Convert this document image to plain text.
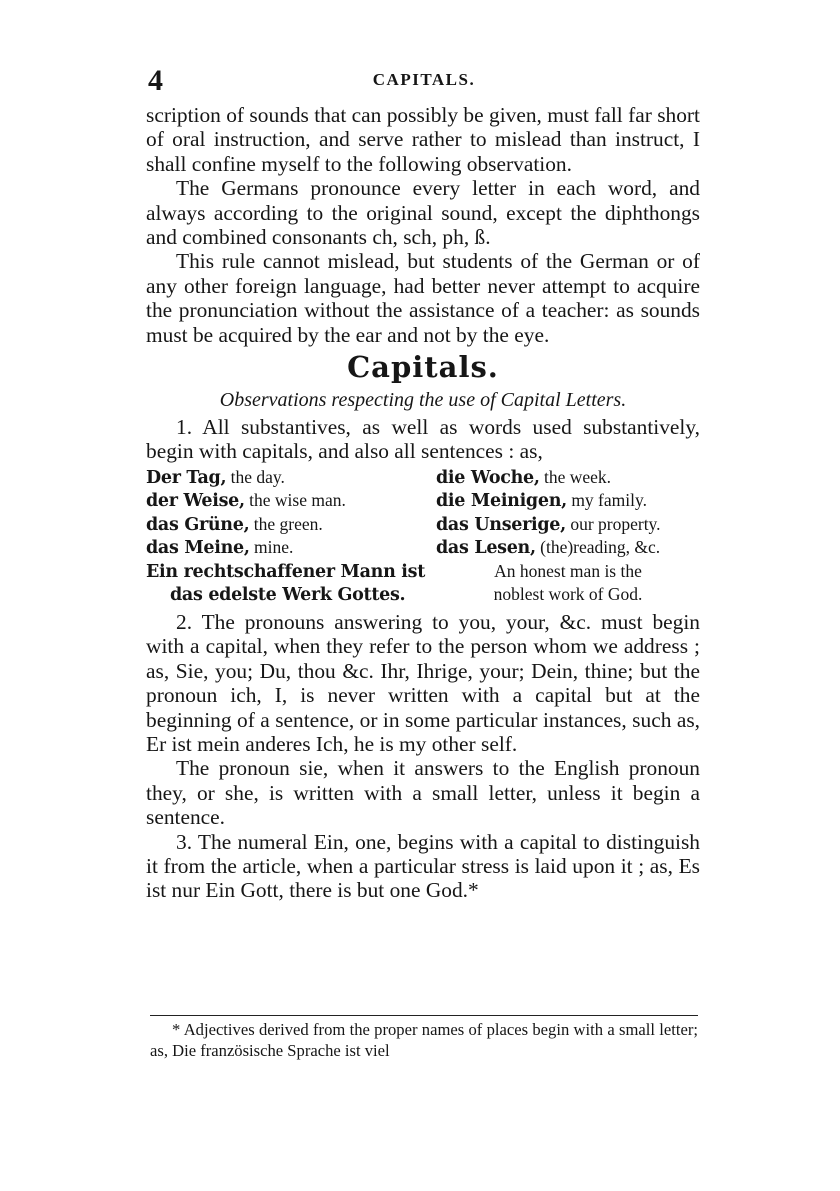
4	CAPITALS.

scription of sounds that can possibly be given, must fall far short of oral instruction, and serve rather to mislead than instruct, I shall confine myself to the following observation.

The Germans pronounce every letter in each word, and always according to the original sound, except the diphthongs and combined consonants ch, sch, ph, ß.

This rule cannot mislead, but students of the German or of any other foreign language, had better never attempt to acquire the pronunciation without the assistance of a teacher: as sounds must be acquired by the ear and not by the eye.

Capitals.
Observations respecting the use of Capital Letters.

1. All substantives, as well as words used substantively, begin with capitals, and also all sentences : as,

Der Tag, the day.	die Woche, the week.
der Weise, the wise man.	die Meinigen, my family.
das Grüne, the green.	das Unserige, our property.
das Meine, mine.	das Lesen, (the)reading, &c.
Ein rechtschaffener Mann ist	An honest man is the
das edelste Werk Gottes.	noblest work of God.

2. The pronouns answering to you, your, &c. must begin with a capital, when they refer to the person whom we address ; as, Sie, you; Du, thou &c. Ihr, Ihrige, your; Dein, thine; but the pronoun ich, I, is never written with a capital but at the beginning of a sentence, or in some particular instances, such as, Er ist mein anderes Ich, he is my other self.

The pronoun sie, when it answers to the English pronoun they, or she, is written with a small letter, unless it begin a sentence.

3. The numeral Ein, one, begins with a capital to distinguish it from the article, when a particular stress is laid upon it ; as, Es ist nur Ein Gott, there is but one God.*

* Adjectives derived from the proper names of places begin with a small letter; as, Die französische Sprache ist viel
